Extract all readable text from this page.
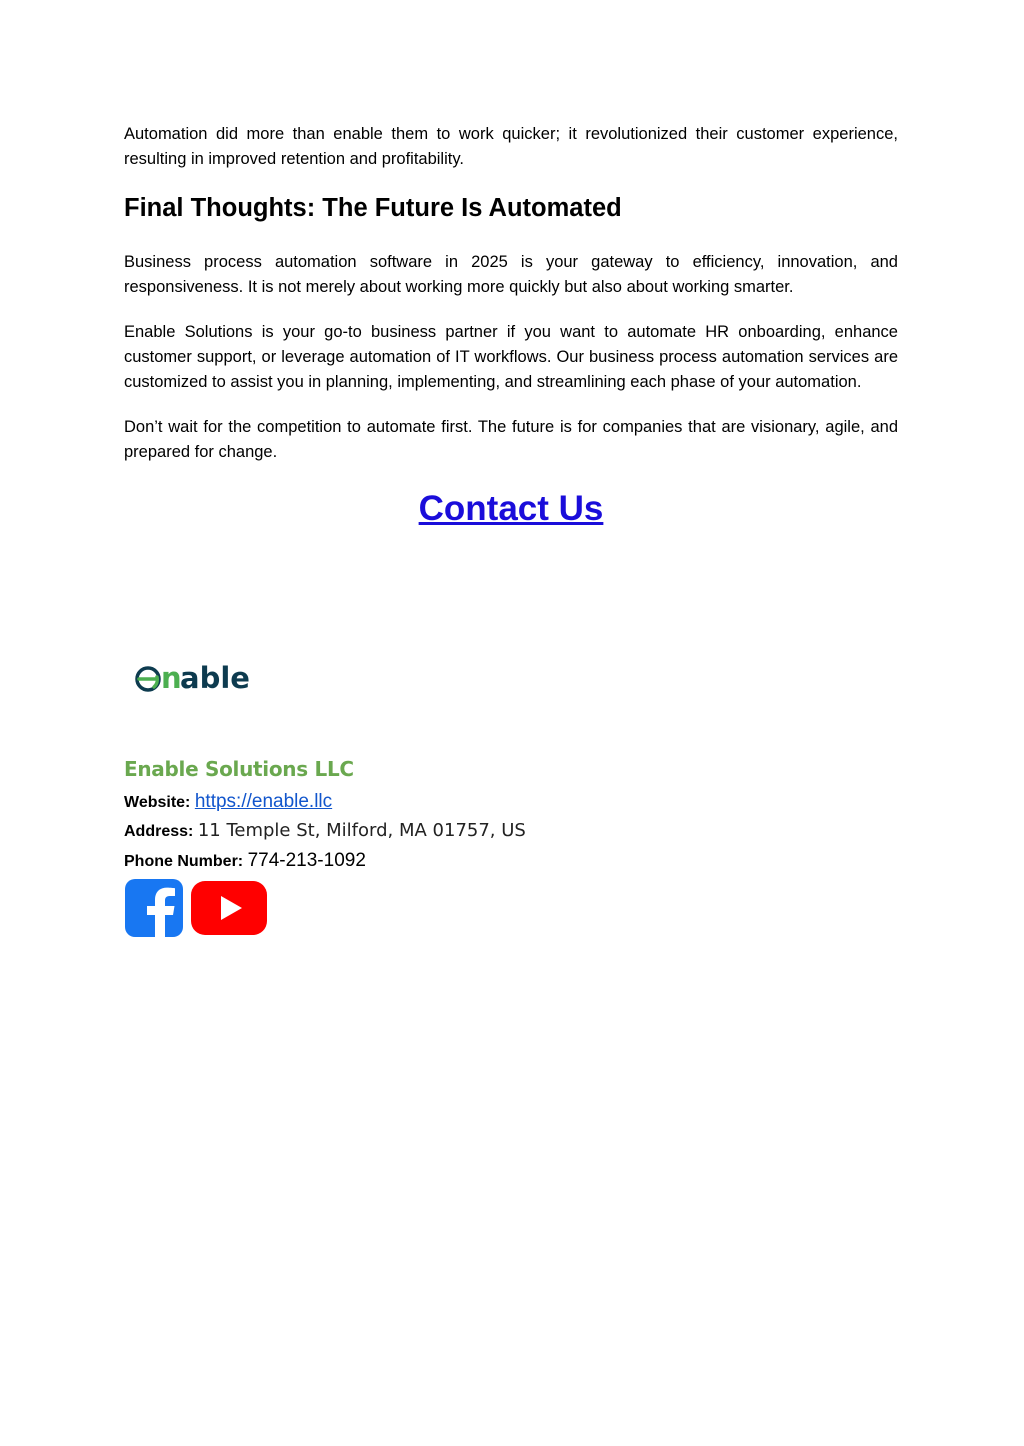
Automation did more than enable them to work quicker; it revolutionized their customer experience, resulting in improved retention and profitability.

Final Thoughts: The Future Is Automated

Business process automation software in 2025 is your gateway to efficiency, innovation, and responsiveness. It is not merely about working more quickly but also about working smarter.

Enable Solutions is your go-to business partner if you want to automate HR onboarding, enhance customer support, or leverage automation of IT workflows. Our business process automation services are customized to assist you in planning, implementing, and streamlining each phase of your automation.

Don’t wait for the competition to automate first. The future is for companies that are visionary, agile, and prepared for change.

Contact Us
n
able
Enable Solutions LLC
Website: https://enable.llc
Address: 11 Temple St, Milford, MA 01757, US
Phone Number: 774-213-1092
